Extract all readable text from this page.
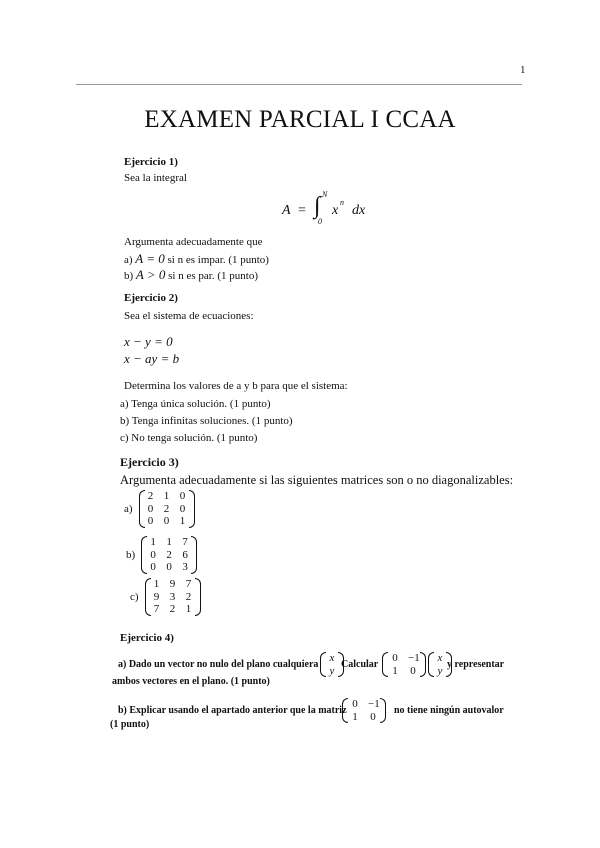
1
EXAMEN PARCIAL I CCAA
Ejercicio 1)
Sea la integral
A = ∫ N
0
x
n
dx
Argumenta adecuadamente que
a) A = 0 si n es impar. (1 punto)
b) A > 0 si n es par. (1 punto)
Ejercicio 2)
Sea el sistema de ecuaciones:
x − y = 0
x − ay = b
Determina los valores de a y b para que el sistema:
a) Tenga única solución. (1 punto)
b) Tenga infinitas soluciones. (1 punto)
c) No tenga solución. (1 punto)
Ejercicio 3)
Argumenta adecuadamente si las siguientes matrices son o no diagonalizables:
a)
2 1 0
0 2 0
0 0 1
b)
1 1 7
0 2 6
0 0 3
c)
1 9 7
9 3 2
7 2 1
Ejercicio 4)
a) Dado un vector no nulo del plano cualquiera
x
y Calcular
0 −1
1 0
x
y y representar
ambos vectores en el plano. (1 punto)
b) Explicar usando el apartado anterior que la matriz
0 −1
1 0 no tiene ningún autovalor
(1 punto)
